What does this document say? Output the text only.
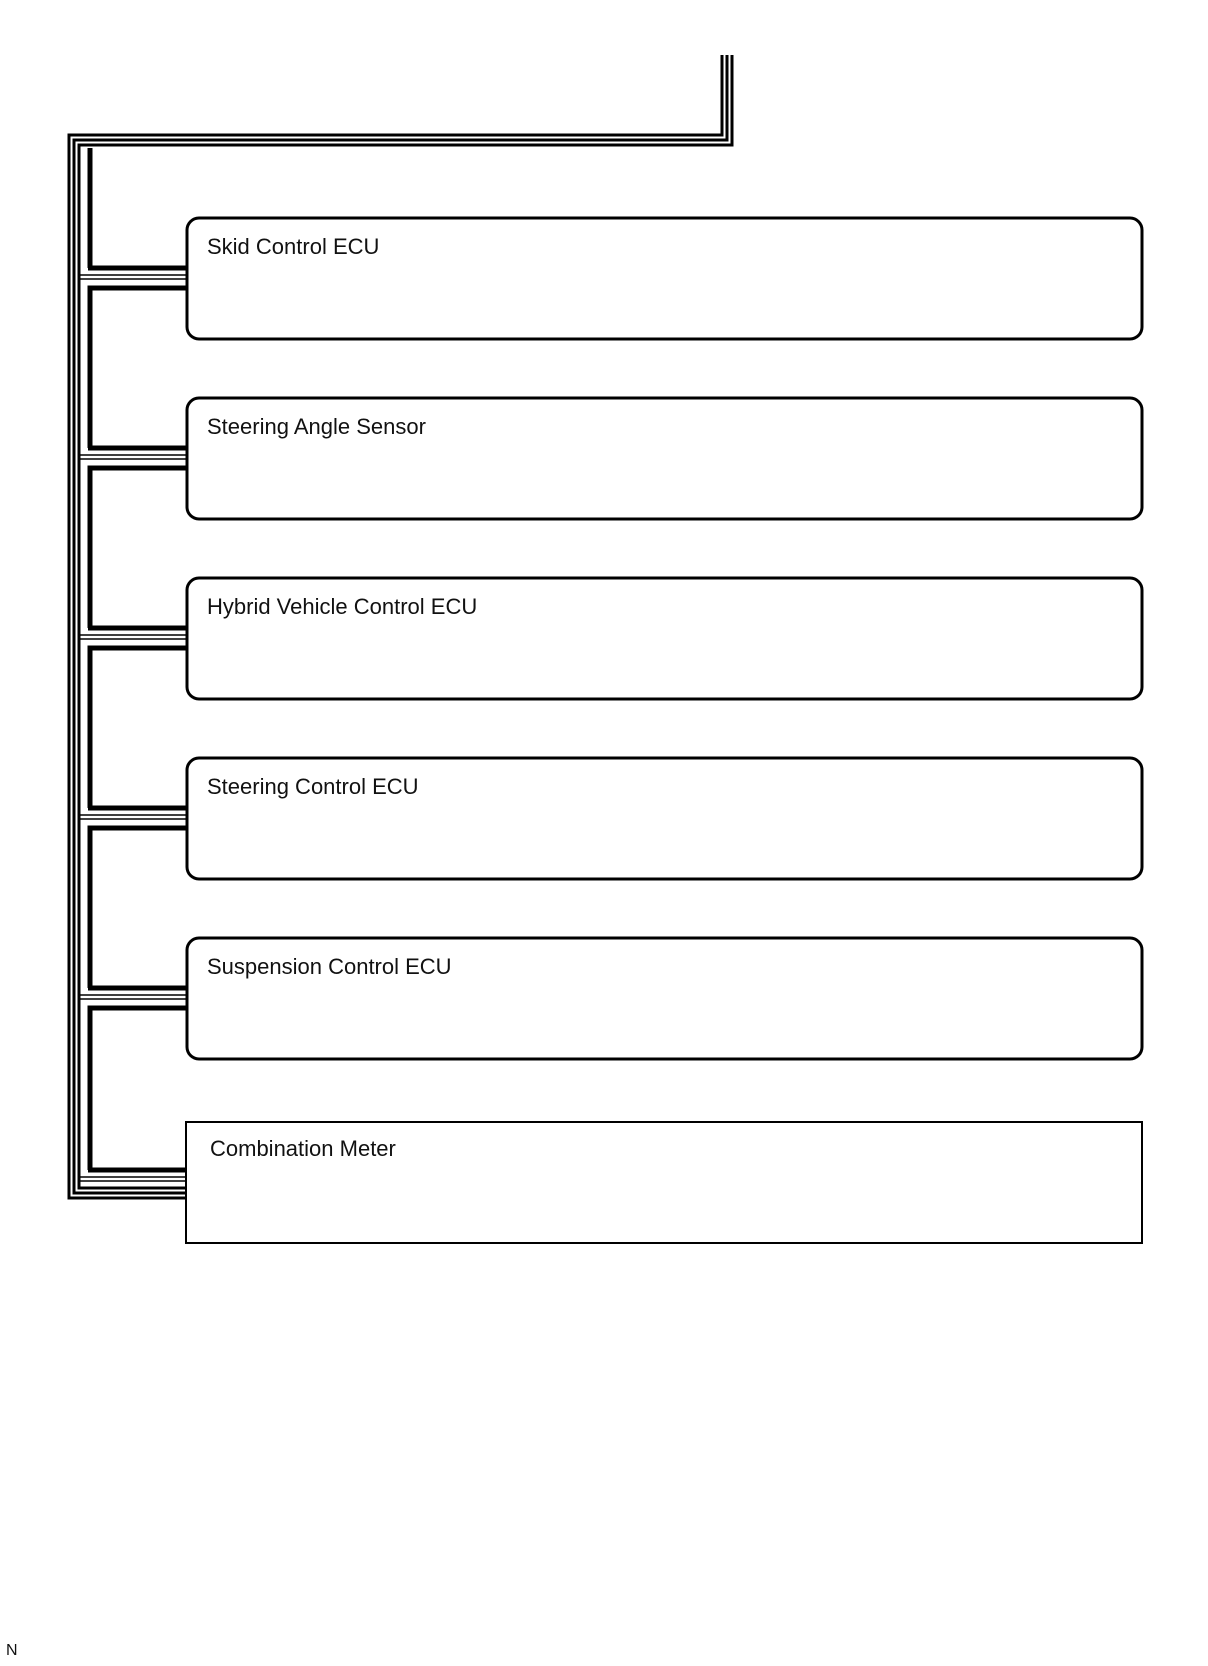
Skid Control ECU
Steering Angle Sensor
Hybrid Vehicle Control ECU
Steering Control ECU
Suspension Control ECU
Combination Meter
N
